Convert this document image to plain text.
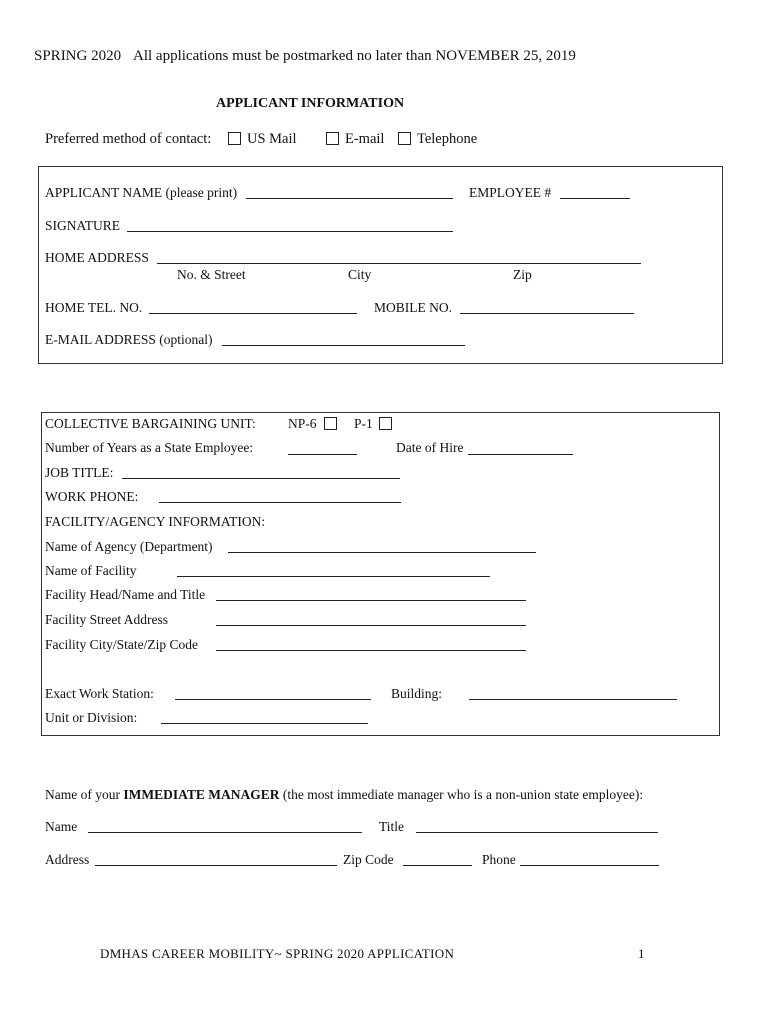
SPRING 2020 All applications must be postmarked no later than NOVEMBER 25, 2019
APPLICANT INFORMATION
Preferred method of contact: US Mail	E-mail Telephone
APPLICANT NAME (please print)	EMPLOYEE #
SIGNATURE
HOME ADDRESS
No. & Street	City	Zip
HOME TEL. NO.	MOBILE NO.
E-MAIL ADDRESS (optional)
COLLECTIVE BARGAINING UNIT: NP-6	P-1
Number of Years as a State Employee:	Date of Hire
JOB TITLE:
WORK PHONE:
FACILITY/AGENCY INFORMATION:
Name of Agency (Department)
Name of Facility
Facility Head/Name and Title
Facility Street Address
Facility City/State/Zip Code
Exact Work Station:	Building:
Unit or Division:
Name of your IMMEDIATE MANAGER (the most immediate manager who is a non-union state employee):
Name	Title
Address	Zip Code	Phone
DMHAS CAREER MOBILITY~ SPRING 2020 APPLICATION	1
